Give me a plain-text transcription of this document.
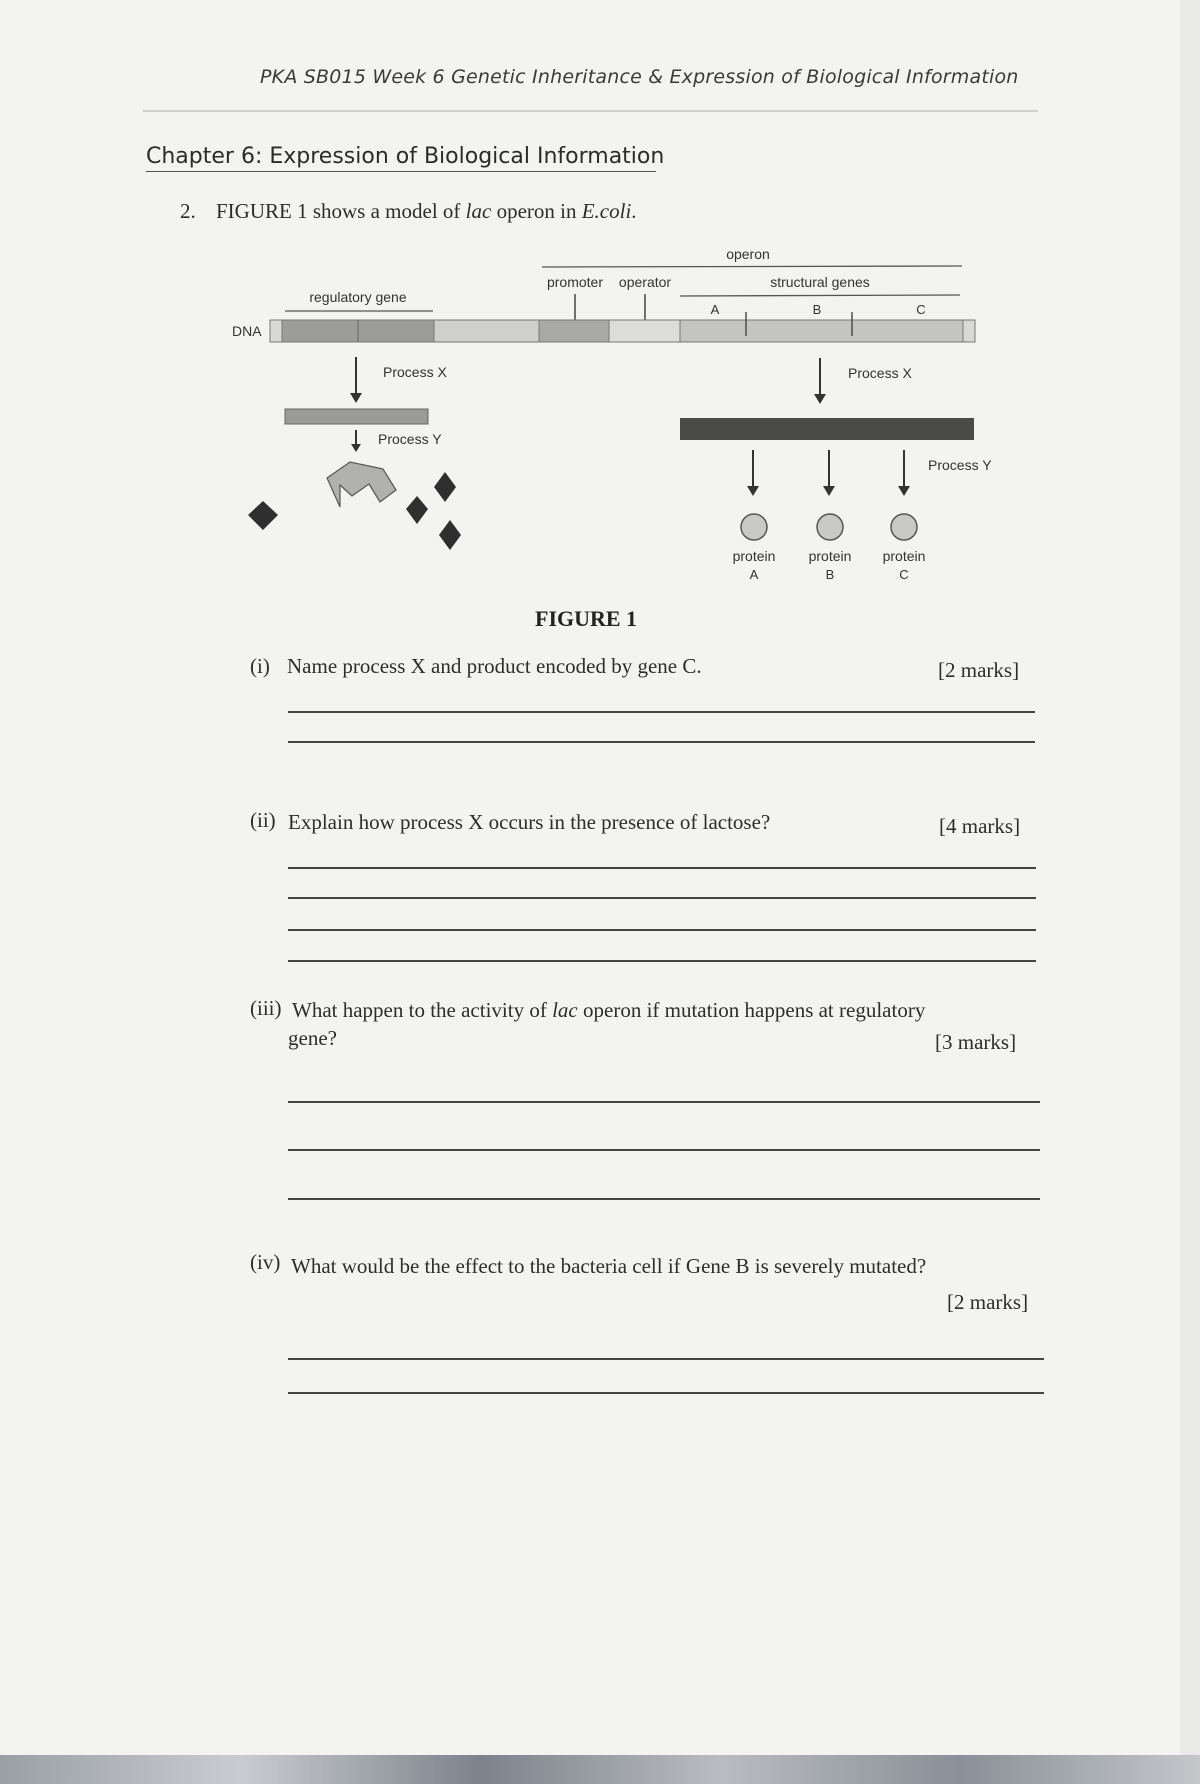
PKA SB015 Week 6 Genetic Inheritance & Expression of Biological Information
Chapter 6: Expression of Biological Information
2. FIGURE 1 shows a model of lac operon in E.coli.
operon
promoter operator	structural genes
A	B	C
regulatory gene
DNA
Process X
Process Y
Process X
Process Y
protein
A
protein
B
protein
C
FIGURE 1
(i) Name process X and product encoded by gene C.	[2 marks]
(ii) Explain how process X occurs in the presence of lactose?	[4 marks]
(iii) What happen to the activity of lac operon if mutation happens at regulatory
gene?	[3 marks]
(iv) What would be the effect to the bacteria cell if Gene B is severely mutated?
[2 marks]
